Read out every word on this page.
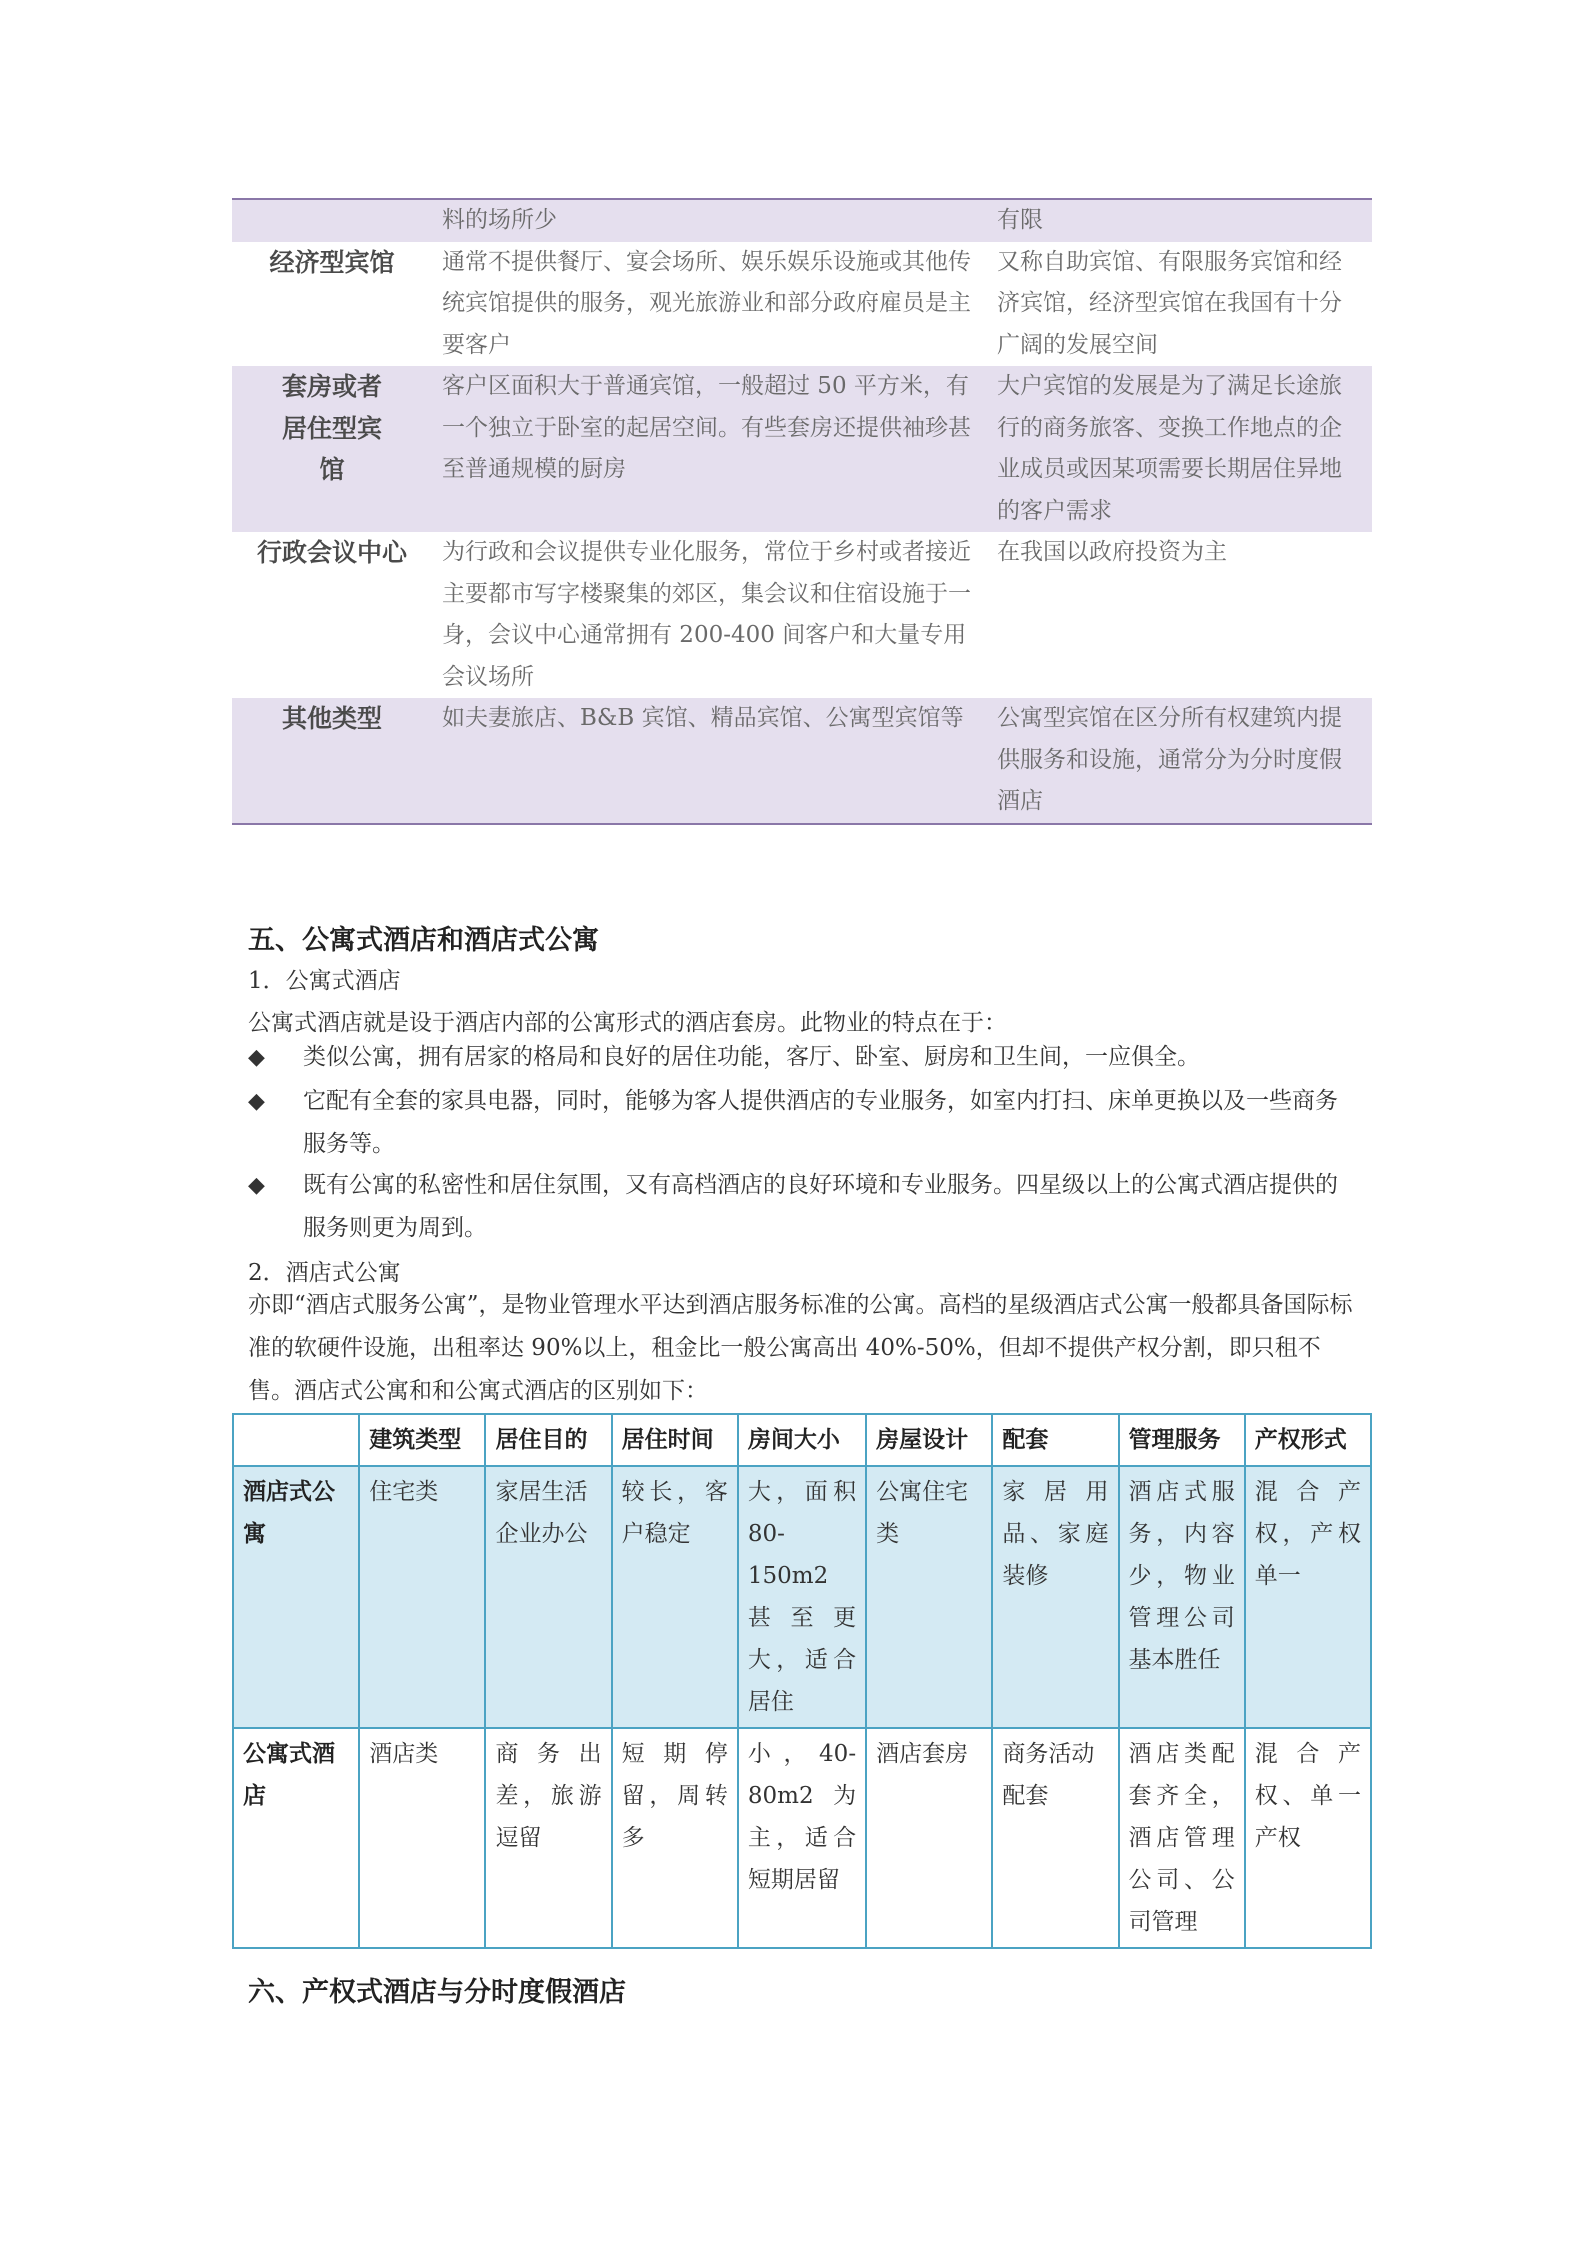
	料的场所少	有限
经济型宾馆	通常不提供餐厅、宴会场所、娱乐娱乐设施或其他传统宾馆提供的服务，观光旅游业和部分政府雇员是主要客户	又称自助宾馆、有限服务宾馆和经济宾馆，经济型宾馆在我国有十分广阔的发展空间
套房或者居住型宾馆	客户区面积大于普通宾馆，一般超过 50 平方米，有一个独立于卧室的起居空间。有些套房还提供袖珍甚至普通规模的厨房	大户宾馆的发展是为了满足长途旅行的商务旅客、变换工作地点的企业成员或因某项需要长期居住异地的客户需求
行政会议中心	为行政和会议提供专业化服务，常位于乡村或者接近主要都市写字楼聚集的郊区，集会议和住宿设施于一身，会议中心通常拥有 200-400 间客户和大量专用会议场所	在我国以政府投资为主
其他类型	如夫妻旅店、B&B 宾馆、精品宾馆、公寓型宾馆等	公寓型宾馆在区分所有权建筑内提供服务和设施，通常分为分时度假酒店
五、公寓式酒店和酒店式公寓
1．公寓式酒店
公寓式酒店就是设于酒店内部的公寓形式的酒店套房。此物业的特点在于：
◆ 类似公寓，拥有居家的格局和良好的居住功能，客厅、卧室、厨房和卫生间，一应俱全。
◆ 它配有全套的家具电器，同时，能够为客人提供酒店的专业服务，如室内打扫、床单更换以及一些商务服务等。
◆ 既有公寓的私密性和居住氛围，又有高档酒店的良好环境和专业服务。四星级以上的公寓式酒店提供的服务则更为周到。
2．酒店式公寓

亦即“酒店式服务公寓”，是物业管理水平达到酒店服务标准的公寓。高档的星级酒店式公寓一般都具备国际标准的软硬件设施，出租率达 90%以上，租金比一般公寓高出 40%-50%，但却不提供产权分割，即只租不售。酒店式公寓和和公寓式酒店的区别如下：

	建筑类型	居住目的	居住时间	房间大小	房屋设计	配套	管理服务	产权形式
酒店式公寓	住宅类	家居生活企业办公	较长，客户稳定	大，面积 80-150m2 甚至更大，适合居住	公寓住宅类	家居用品、家庭装修	酒店式服务，内容少，物业管理公司基本胜任	混合产权，产权单一
公寓式酒店	酒店类	商务出差，旅游逗留	短期停留，周转多	小，40-80m2 为主，适合短期居留	酒店套房	商务活动配套	酒店类配套齐全，酒店管理公司、公司管理	混合产权、单一产权
六、产权式酒店与分时度假酒店
